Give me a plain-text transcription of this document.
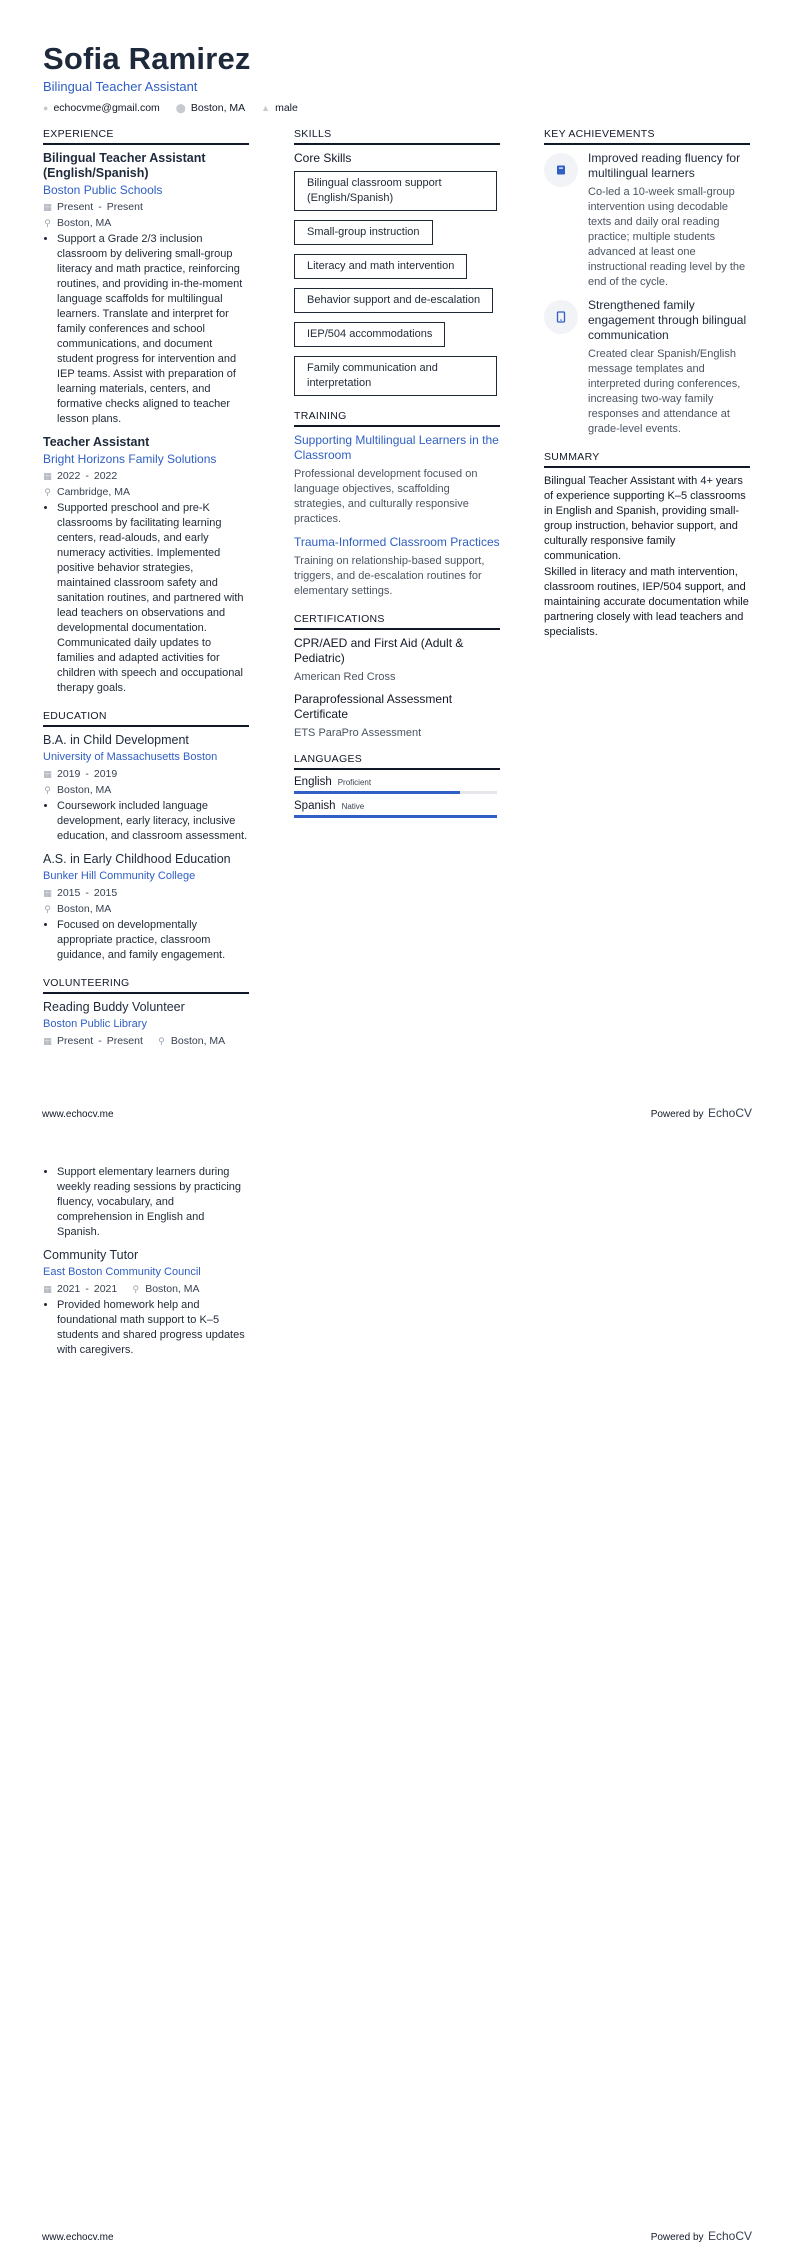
Sofia Ramirez
Bilingual Teacher Assistant
● echocvme@gmail.com ⬤ Boston, MA ▲ male
EXPERIENCE
Bilingual Teacher Assistant (English/Spanish)
Boston Public Schools
▦ Present - Present
⚲ Boston, MA
• Support a Grade 2/3 inclusion classroom by delivering small-group literacy and math practice, reinforcing routines, and providing in-the-moment language scaffolds for multilingual learners. Translate and interpret for family conferences and school communications, and document student progress for intervention and IEP teams. Assist with preparation of learning materials, centers, and formative checks aligned to teacher lesson plans.
Teacher Assistant
Bright Horizons Family Solutions
▦ 2022 - 2022
⚲ Cambridge, MA
• Supported preschool and pre-K classrooms by facilitating learning centers, read-alouds, and early numeracy activities. Implemented positive behavior strategies, maintained classroom safety and sanitation routines, and partnered with lead teachers on observations and developmental documentation. Communicated daily updates to families and adapted activities for children with speech and occupational therapy goals.
EDUCATION
B.A. in Child Development
University of Massachusetts Boston
▦ 2019 - 2019
⚲ Boston, MA
• Coursework included language development, early literacy, inclusive education, and classroom assessment.
A.S. in Early Childhood Education
Bunker Hill Community College
▦ 2015 - 2015
⚲ Boston, MA
• Focused on developmentally appropriate practice, classroom guidance, and family engagement.
VOLUNTEERING
Reading Buddy Volunteer
Boston Public Library
▦ Present - Present ⚲ Boston, MA
SKILLS
Core Skills
Bilingual classroom support (English/Spanish)
Small-group instruction
Literacy and math intervention
Behavior support and de-escalation
IEP/504 accommodations
Family communication and interpretation
TRAINING
Supporting Multilingual Learners in the Classroom
Professional development focused on language objectives, scaffolding strategies, and culturally responsive practices.
Trauma-Informed Classroom Practices
Training on relationship-based support, triggers, and de-escalation routines for elementary settings.
CERTIFICATIONS
CPR/AED and First Aid (Adult & Pediatric)
American Red Cross
Paraprofessional Assessment Certificate
ETS ParaPro Assessment
LANGUAGES
English Proficient
Spanish Native
KEY ACHIEVEMENTS
Improved reading fluency for multilingual learners
Co-led a 10-week small-group intervention using decodable texts and daily oral reading practice; multiple students advanced at least one instructional reading level by the end of the cycle.
Strengthened family engagement through bilingual communication
Created clear Spanish/English message templates and interpreted during conferences, increasing two-way family responses and attendance at grade-level events.
SUMMARY

Bilingual Teacher Assistant with 4+ years of experience supporting K–5 classrooms in English and Spanish, providing small-group instruction, behavior support, and culturally responsive family communication.

Skilled in literacy and math intervention, classroom routines, IEP/504 support, and maintaining accurate documentation while partnering closely with lead teachers and specialists.

www.echocv.me	Powered by EchoCV
• Support elementary learners during weekly reading sessions by practicing fluency, vocabulary, and comprehension in English and Spanish.
Community Tutor
East Boston Community Council
▦ 2021 - 2021 ⚲ Boston, MA
• Provided homework help and foundational math support to K–5 students and shared progress updates with caregivers.
www.echocv.me	Powered by EchoCV
